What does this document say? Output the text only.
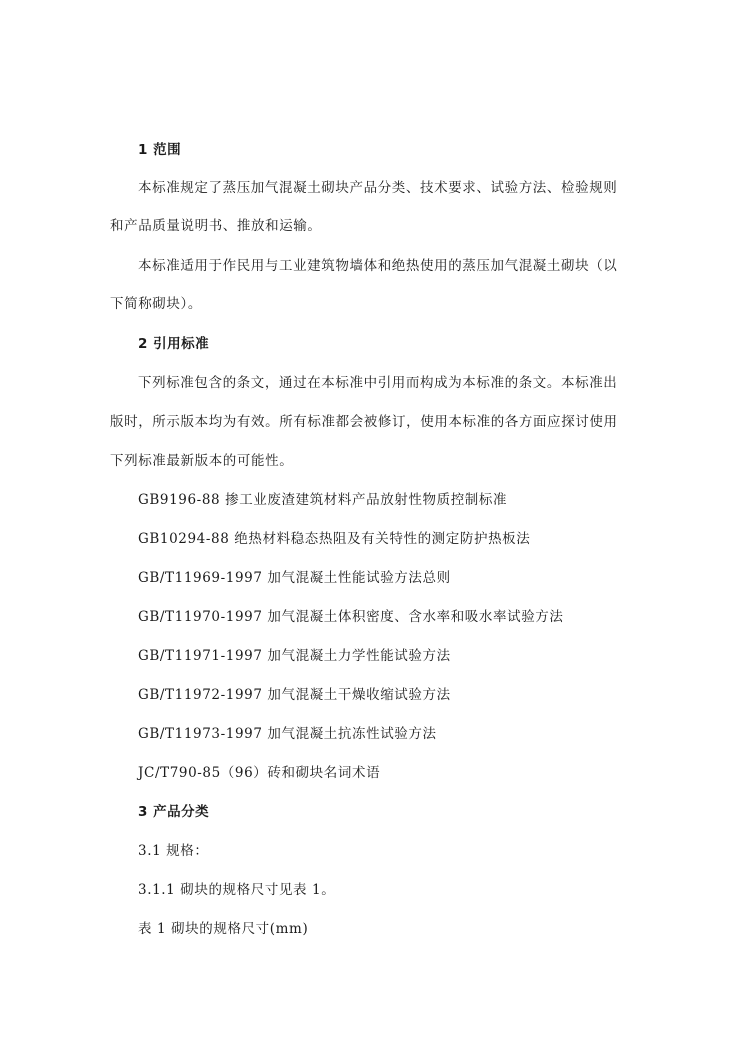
1 范围
本标准规定了蒸压加气混凝土砌块产品分类、技术要求、试验方法、检验规则
和产品质量说明书、推放和运输。
本标准适用于作民用与工业建筑物墙体和绝热使用的蒸压加气混凝土砌块（以
下简称砌块）。
2 引用标准
下列标准包含的条文，通过在本标准中引用而构成为本标准的条文。本标准出
版时，所示版本均为有效。所有标准都会被修订，使用本标准的各方面应探讨使用
下列标准最新版本的可能性。
GB9196-88 掺工业废渣建筑材料产品放射性物质控制标准
GB10294-88 绝热材料稳态热阻及有关特性的测定防护热板法
GB/T11969-1997 加气混凝土性能试验方法总则
GB/T11970-1997 加气混凝土体积密度、含水率和吸水率试验方法
GB/T11971-1997 加气混凝土力学性能试验方法
GB/T11972-1997 加气混凝土干燥收缩试验方法
GB/T11973-1997 加气混凝土抗冻性试验方法
JC/T790-85（96）砖和砌块名词术语
3 产品分类
3.1 规格：
3.1.1 砌块的规格尺寸见表 1。
表 1 砌块的规格尺寸(mm)
